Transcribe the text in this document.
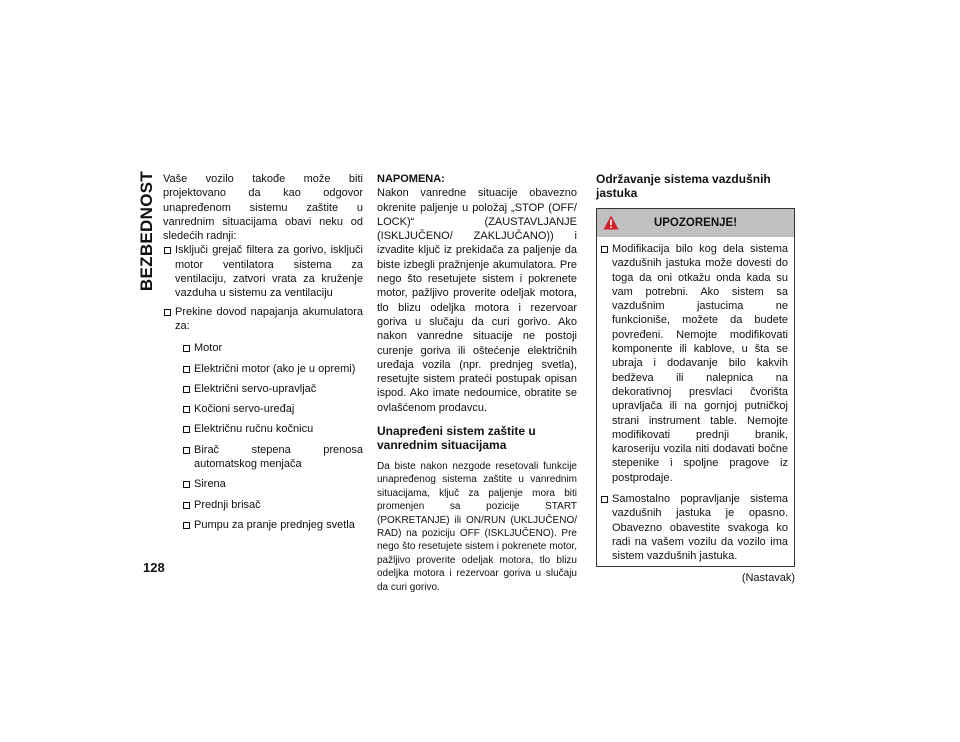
BEZBEDNOST
128

Vaše vozilo takođe može biti projektovano da kao odgovor unapređenom sistemu zaštite u vanrednim situacijama obavi neku od sledećih radnji:

Isključi grejač filtera za gorivo, isključi motor ventilatora sistema za ventilaciju, zatvori vrata za kruženje vazduha u sistemu za ventilaciju
Prekine dovod napajanja akumulatora za:
Motor
Električni motor (ako je u opremi)
Električni servo-upravljač
Kočioni servo-uređaj
Električnu ručnu kočnicu
Birač stepena prenosa automatskog menjača
Sirena
Prednji brisač
Pumpu za pranje prednjeg svetla
NAPOMENA:

Nakon vanredne situacije obavezno okrenite paljenje u položaj „STOP (OFF/ LOCK)“ (ZAUSTAVLJANJE (ISKLJUČENO/ ZAKLJUČANO)) i izvadite ključ iz prekidača za paljenje da biste izbegli pražnjenje akumulatora. Pre nego što resetujete sistem i pokrenete motor, pažljivo proverite odeljak motora, tlo blizu odeljka motora i rezervoar goriva u slučaju da curi gorivo. Ako nakon vanredne situacije ne postoji curenje goriva ili oštećenje električnih uređaja vozila (npr. prednjeg svetla), resetujte sistem prateći postupak opisan ispod. Ako imate nedoumice, obratite se ovlašćenom prodavcu.

Unapređeni sistem zaštite u vanrednim situacijama

Da biste nakon nezgode resetovali funkcije unapređenog sistema zaštite u vanrednim situacijama, ključ za paljenje mora biti promenjen sa pozicije START (POKRETANJE) ili ON/RUN (UKLJUČENO/ RAD) na poziciju OFF (ISKLJUČENO). Pre nego što resetujete sistem i pokrenete motor, pažljivo proverite odeljak motora, tlo blizu odeljka motora i rezervoar goriva u slučaju da curi gorivo.

Održavanje sistema vazdušnih jastuka
UPOZORENJE!
Modifikacija bilo kog dela sistema vazdušnih jastuka može dovesti do toga da oni otkažu onda kada su vam potrebni. Ako sistem sa vazdušnim jastucima ne funkcioniše, možete da budete povređeni. Nemojte modifikovati komponente ili kablove, u šta se ubraja i dodavanje bilo kakvih bedževa ili nalepnica na dekorativnoj presvlaci čvorišta upravljača ili na gornjoj putničkoj strani instrument table. Nemojte modifikovati prednji branik, karoseriju vozila niti dodavati bočne stepenike i spoljne pragove iz postprodaje.
Samostalno popravljanje sistema vazdušnih jastuka je opasno. Obavezno obavestite svakoga ko radi na vašem vozilu da vozilo ima sistem vazdušnih jastuka.
(Nastavak)
